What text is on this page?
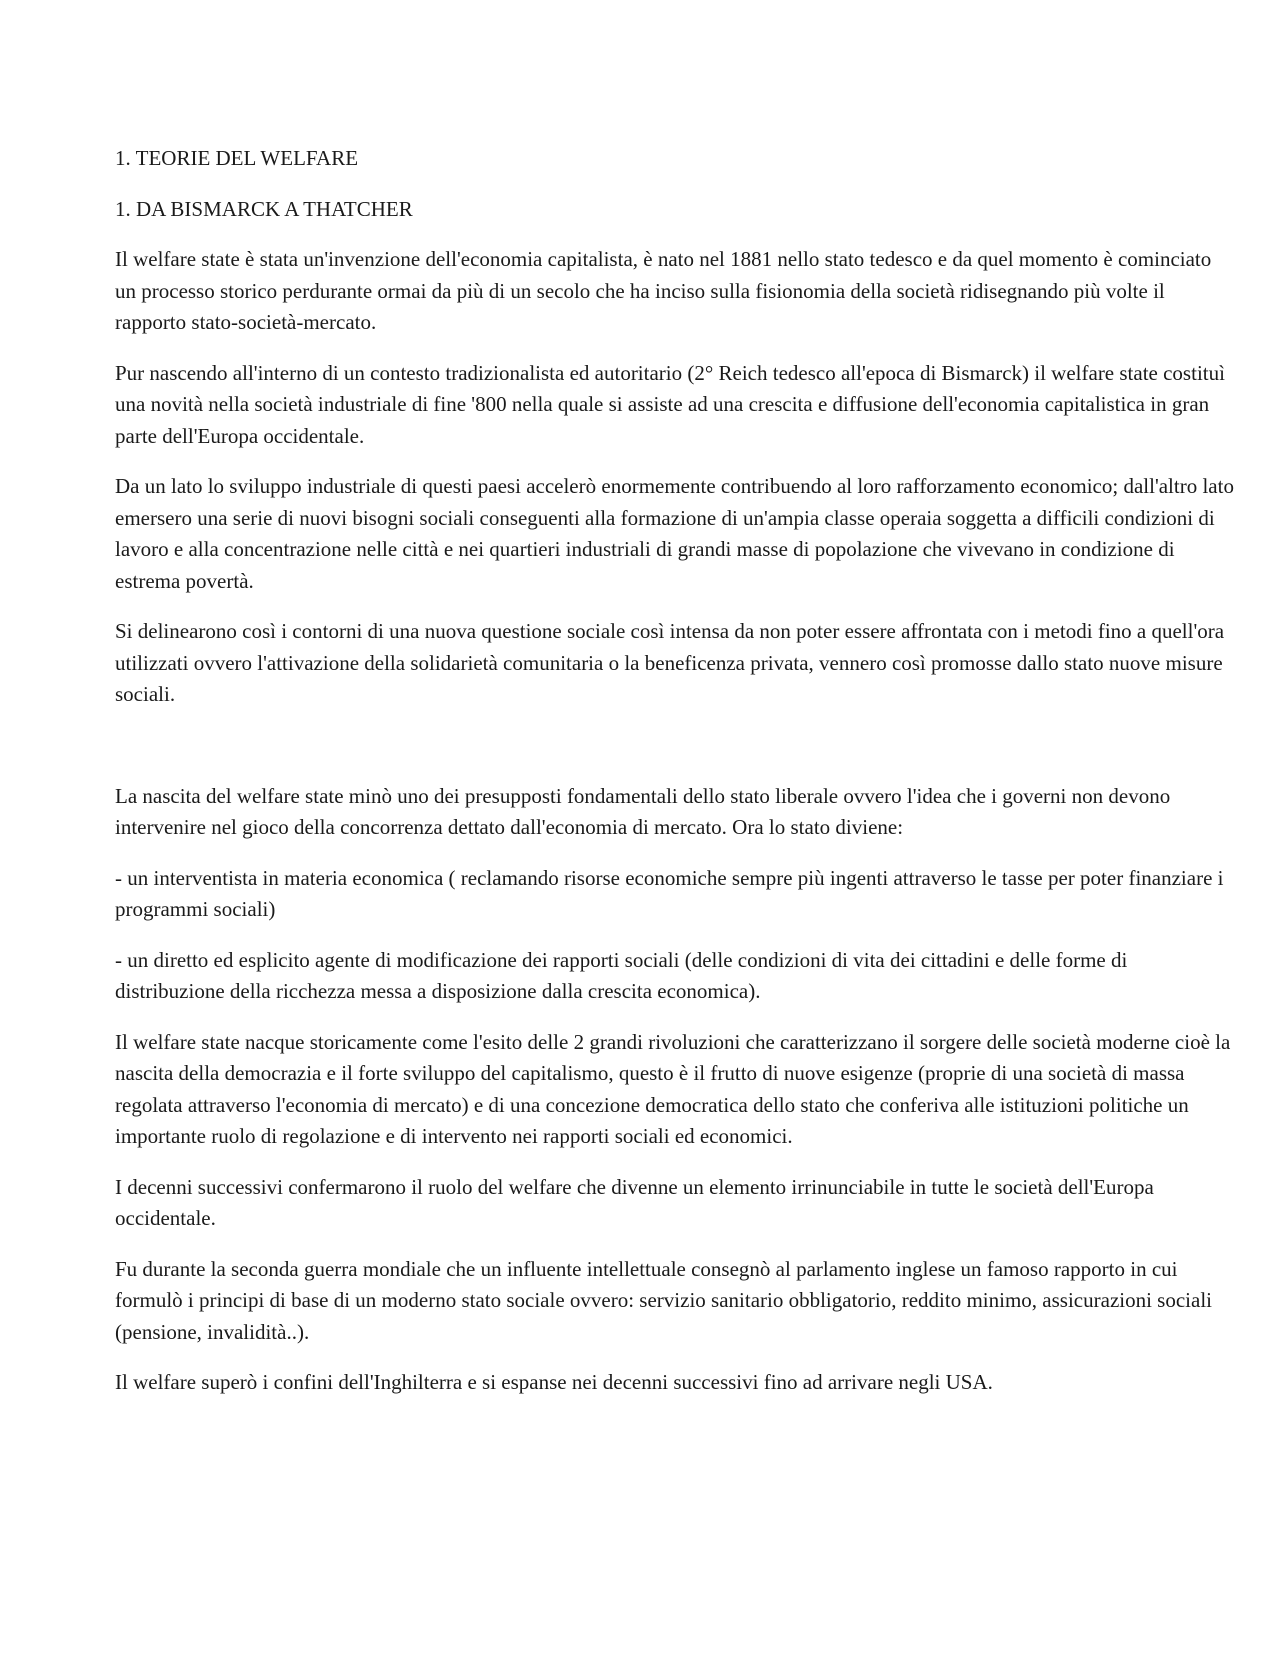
1. TEORIE DEL WELFARE

1. DA BISMARCK A THATCHER

Il welfare state è stata un'invenzione dell'economia capitalista, è nato nel 1881 nello stato tedesco e da quel momento è cominciato un processo storico perdurante ormai da più di un secolo che ha inciso sulla fisionomia della società ridisegnando più volte il rapporto stato-società-mercato.

Pur nascendo all'interno di un contesto tradizionalista ed autoritario (2° Reich tedesco all'epoca di Bismarck) il welfare state costituì una novità nella società industriale di fine '800 nella quale si assiste ad una crescita e diffusione dell'economia capitalistica in gran parte dell'Europa occidentale.

Da un lato lo sviluppo industriale di questi paesi accelerò enormemente contribuendo al loro rafforzamento economico; dall'altro lato emersero una serie di nuovi bisogni sociali conseguenti alla formazione di un'ampia classe operaia soggetta a difficili condizioni di lavoro e alla concentrazione nelle città e nei quartieri industriali di grandi masse di popolazione che vivevano in condizione di estrema povertà.

Si delinearono così i contorni di una nuova questione sociale così intensa da non poter essere affrontata con i metodi fino a quell'ora utilizzati ovvero l'attivazione della solidarietà comunitaria o la beneficenza privata, vennero così promosse dallo stato nuove misure sociali.

La nascita del welfare state minò uno dei presupposti fondamentali dello stato liberale ovvero l'idea che i governi non devono intervenire nel gioco della concorrenza dettato dall'economia di mercato. Ora lo stato diviene:

- un interventista in materia economica ( reclamando risorse economiche sempre più ingenti attraverso le tasse per poter finanziare i programmi sociali)

- un diretto ed esplicito agente di modificazione dei rapporti sociali (delle condizioni di vita dei cittadini e delle forme di distribuzione della ricchezza messa a disposizione dalla crescita economica).

Il welfare state nacque storicamente come l'esito delle 2 grandi rivoluzioni che caratterizzano il sorgere delle società moderne cioè la nascita della democrazia e il forte sviluppo del capitalismo, questo è il frutto di nuove esigenze (proprie di una società di massa regolata attraverso l'economia di mercato) e di una concezione democratica dello stato che conferiva alle istituzioni politiche un importante ruolo di regolazione e di intervento nei rapporti sociali ed economici.

I decenni successivi confermarono il ruolo del welfare che divenne un elemento irrinunciabile in tutte le società dell'Europa occidentale.

Fu durante la seconda guerra mondiale che un influente intellettuale consegnò al parlamento inglese un famoso rapporto in cui formulò i principi di base di un moderno stato sociale ovvero: servizio sanitario obbligatorio, reddito minimo, assicurazioni sociali (pensione, invalidità..).

Il welfare superò i confini dell'Inghilterra e si espanse nei decenni successivi fino ad arrivare negli USA.
